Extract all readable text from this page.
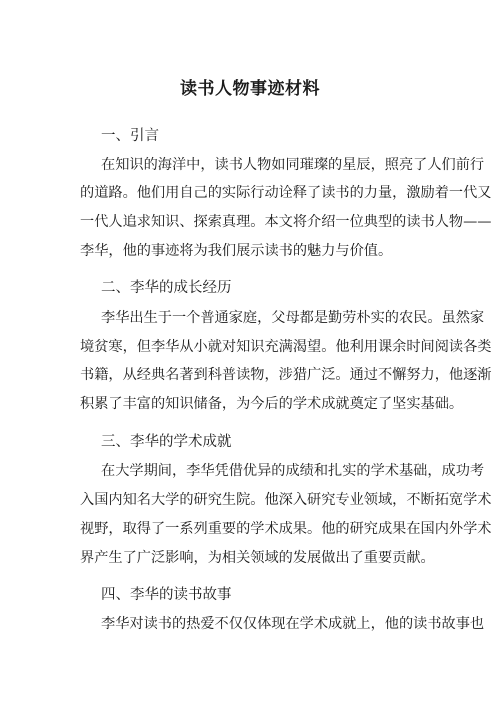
读书人物事迹材料
一、引言
在知识的海洋中，读书人物如同璀璨的星辰，照亮了人们前行
的道路。他们用自己的实际行动诠释了读书的力量，激励着一代又
一代人追求知识、探索真理。本文将介绍一位典型的读书人物——
李华，他的事迹将为我们展示读书的魅力与价值。
二、李华的成长经历
李华出生于一个普通家庭，父母都是勤劳朴实的农民。虽然家
境贫寒，但李华从小就对知识充满渴望。他利用课余时间阅读各类
书籍，从经典名著到科普读物，涉猎广泛。通过不懈努力，他逐渐
积累了丰富的知识储备，为今后的学术成就奠定了坚实基础。
三、李华的学术成就
在大学期间，李华凭借优异的成绩和扎实的学术基础，成功考
入国内知名大学的研究生院。他深入研究专业领域，不断拓宽学术
视野，取得了一系列重要的学术成果。他的研究成果在国内外学术
界产生了广泛影响，为相关领域的发展做出了重要贡献。
四、李华的读书故事
李华对读书的热爱不仅仅体现在学术成就上，他的读书故事也
